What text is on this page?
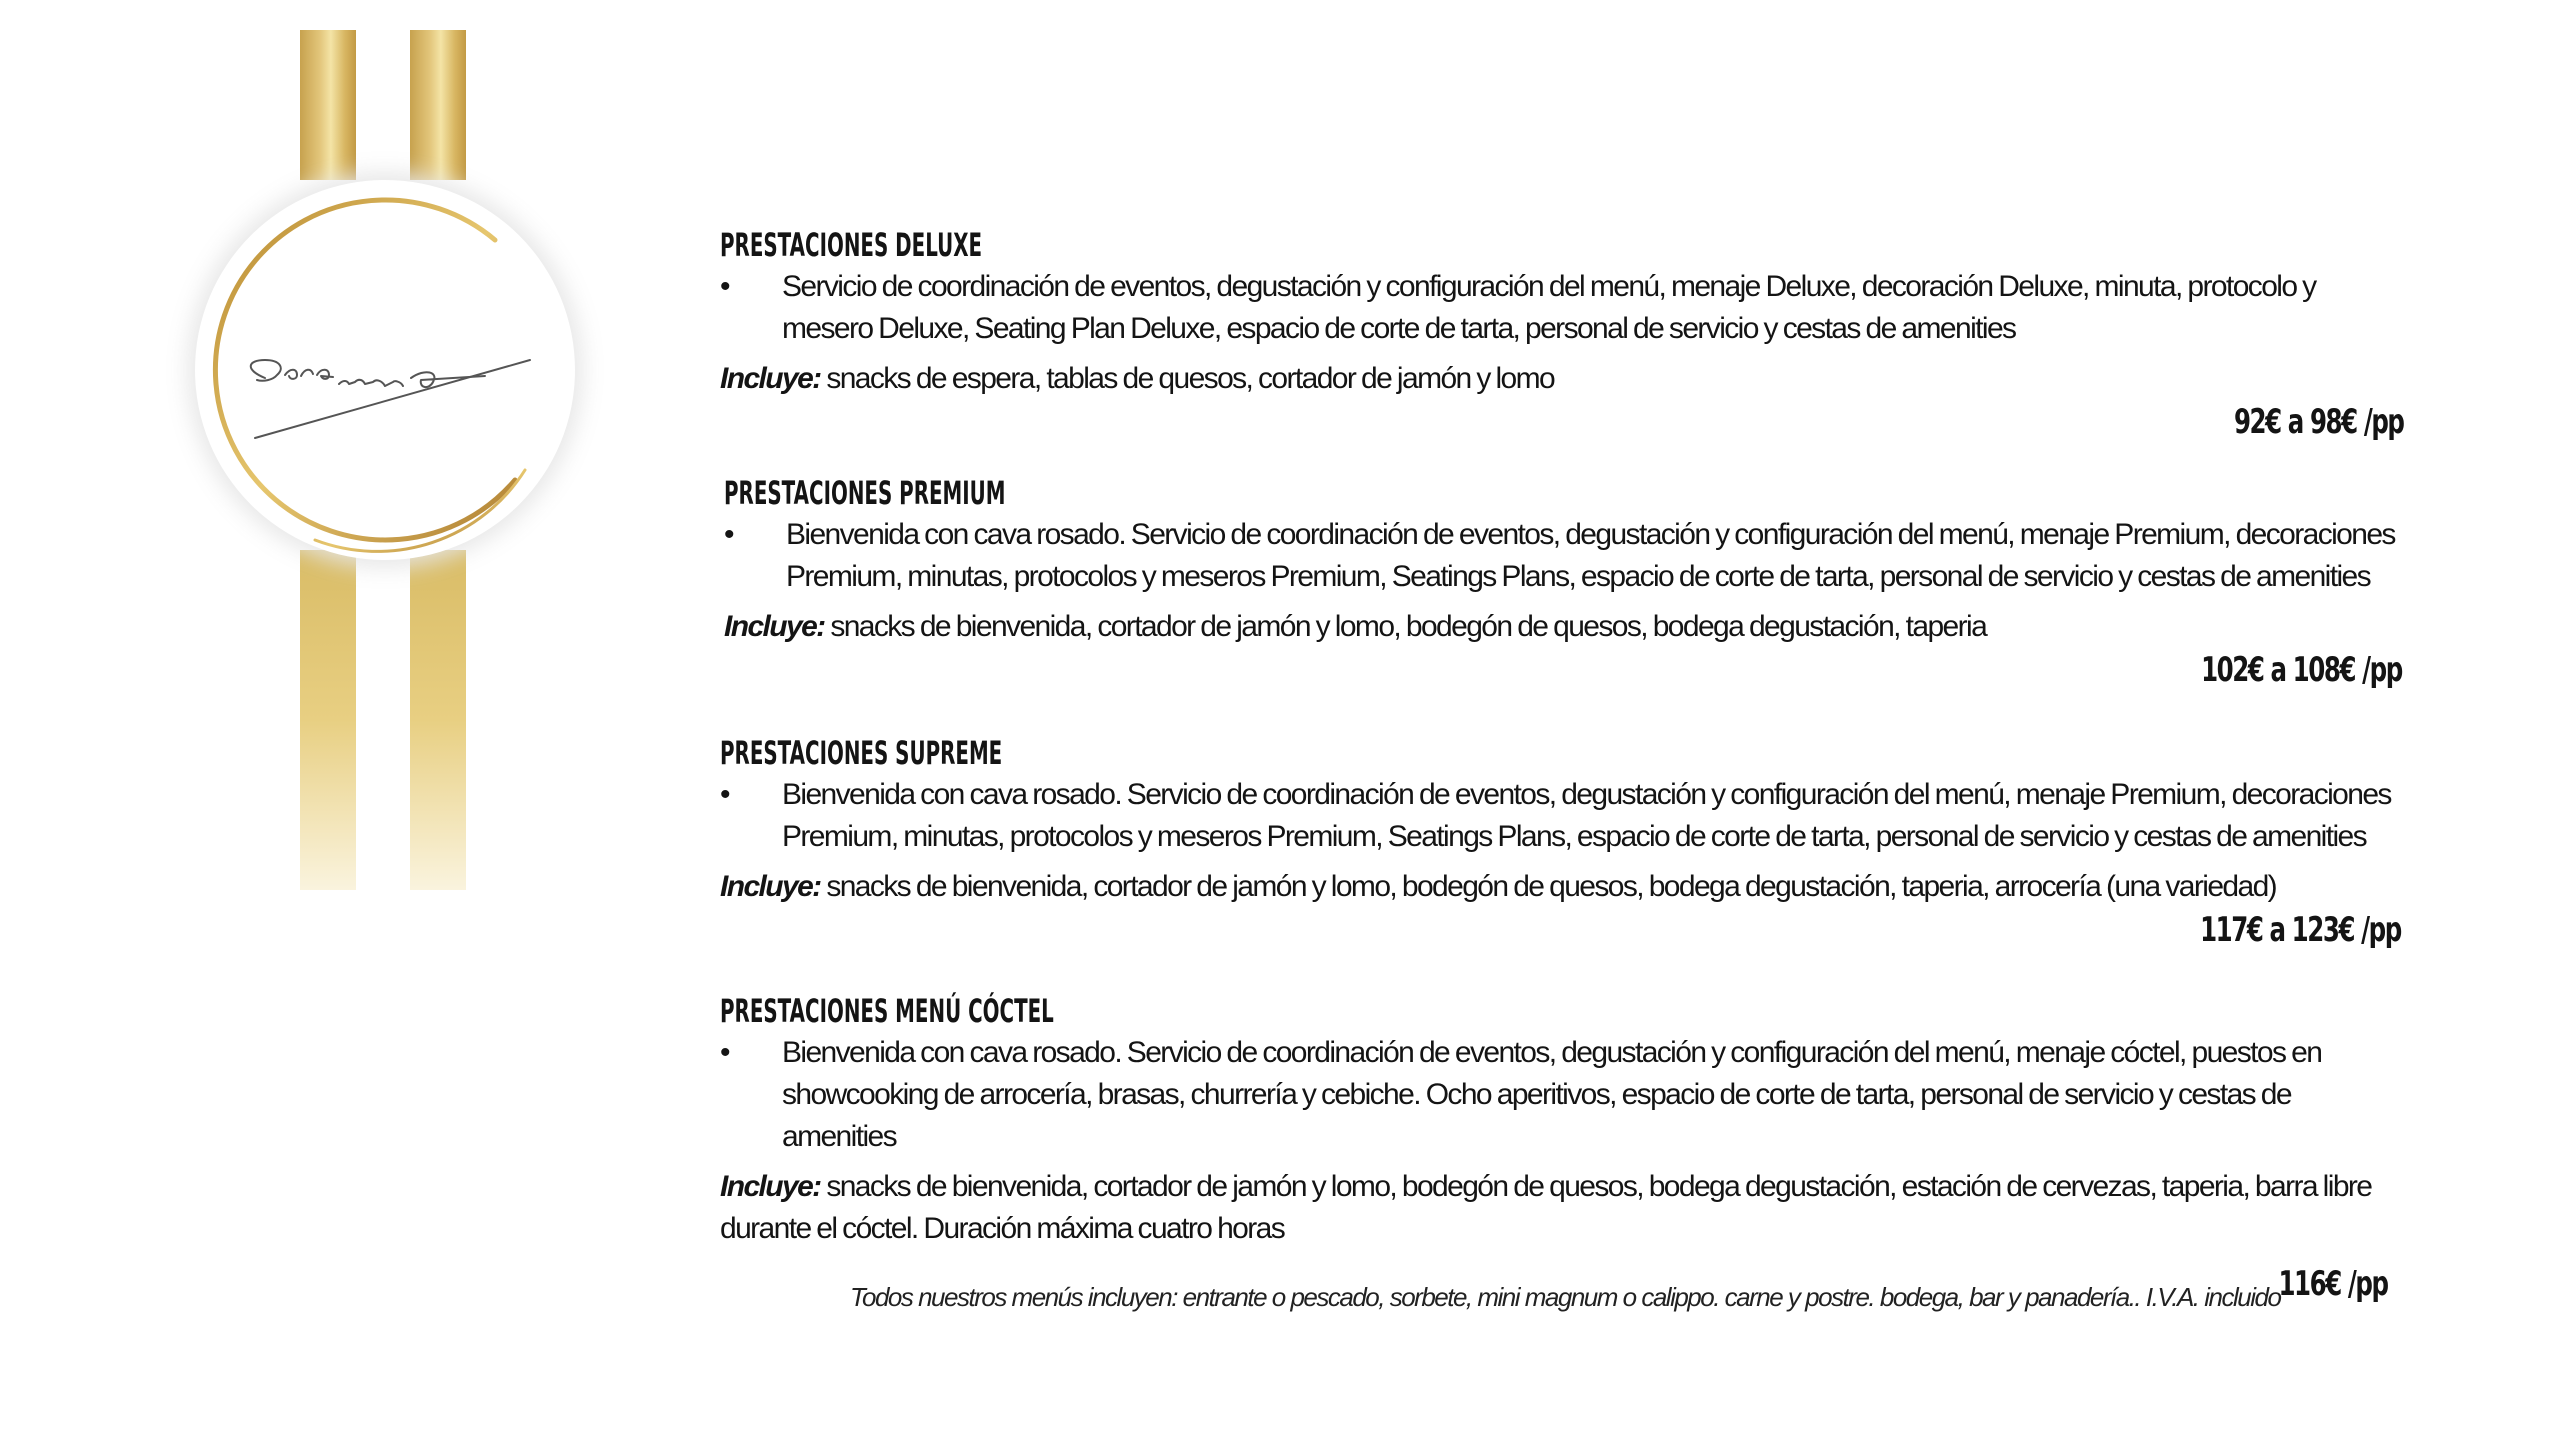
PRESTACIONES DELUXE
• Servicio de coordinación de eventos, degustación y configuración del menú, menaje Deluxe, decoración Deluxe, minuta, protocolo y mesero Deluxe, Seating Plan Deluxe, espacio de corte de tarta, personal de servicio y cestas de amenities
Incluye: snacks de espera, tablas de quesos, cortador de jamón y lomo
92€ a 98€ /pp
PRESTACIONES PREMIUM
• Bienvenida con cava rosado. Servicio de coordinación de eventos, degustación y configuración del menú, menaje Premium, decoraciones Premium, minutas, protocolos y meseros Premium, Seatings Plans, espacio de corte de tarta, personal de servicio y cestas de amenities
Incluye: snacks de bienvenida, cortador de jamón y lomo, bodegón de quesos, bodega degustación, taperia
102€ a 108€ /pp
PRESTACIONES SUPREME
• Bienvenida con cava rosado. Servicio de coordinación de eventos, degustación y configuración del menú, menaje Premium, decoraciones Premium, minutas, protocolos y meseros Premium, Seatings Plans, espacio de corte de tarta, personal de servicio y cestas de amenities
Incluye: snacks de bienvenida, cortador de jamón y lomo, bodegón de quesos, bodega degustación, taperia, arrocería (una variedad)
117€ a 123€ /pp
PRESTACIONES MENÚ CÓCTEL
• Bienvenida con cava rosado. Servicio de coordinación de eventos, degustación y configuración del menú, menaje cóctel, puestos en showcooking de arrocería, brasas, churrería y cebiche. Ocho aperitivos, espacio de corte de tarta, personal de servicio y cestas de amenities
Incluye: snacks de bienvenida, cortador de jamón y lomo, bodegón de quesos, bodega degustación, estación de cervezas, taperia, barra libre durante el cóctel. Duración máxima cuatro horas
116€ /pp
Todos nuestros menús incluyen: entrante o pescado, sorbete, mini magnum o calippo. carne y postre. bodega, bar y panadería.. I.V.A. incluido
